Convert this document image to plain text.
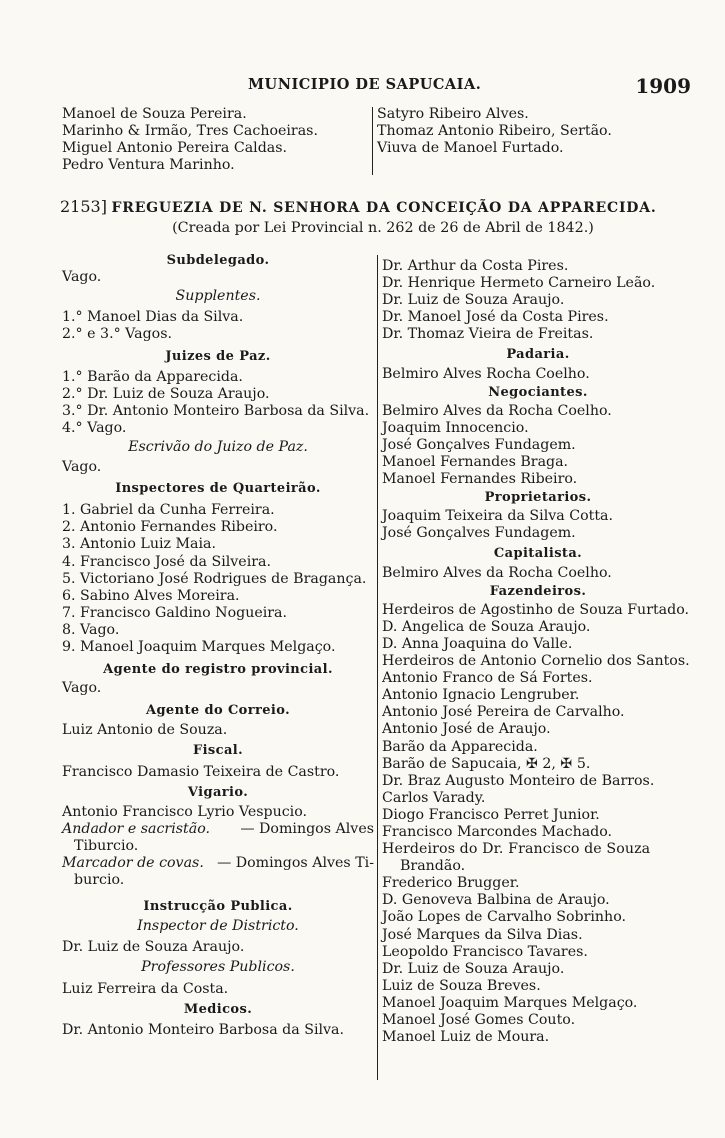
MUNICIPIO DE SAPUCAIA.	1909
Manoel de Souza Pereira.
Marinho & Irmão, Tres Cachoeiras.
Miguel Antonio Pereira Caldas.
Pedro Ventura Marinho.
Satyro Ribeiro Alves.
Thomaz Antonio Ribeiro, Sertão.
Viuva de Manoel Furtado.
2153] FREGUEZIA DE N. SENHORA DA CONCEIÇÃO DA APPARECIDA.
(Creada por Lei Provincial n. 262 de 26 de Abril de 1842.)
Subdelegado.
Vago.
Supplentes.
1.° Manoel Dias da Silva.
2.° e 3.° Vagos.
Juizes de Paz.
1.° Barão da Apparecida.
2.° Dr. Luiz de Souza Araujo.
3.° Dr. Antonio Monteiro Barbosa da Silva.
4.° Vago.
Escrivão do Juizo de Paz.
Vago.
Inspectores de Quarteirão.
1. Gabriel da Cunha Ferreira.
2. Antonio Fernandes Ribeiro.
3. Antonio Luiz Maia.
4. Francisco José da Silveira.
5. Victoriano José Rodrigues de Bragança.
6. Sabino Alves Moreira.
7. Francisco Galdino Nogueira.
8. Vago.
9. Manoel Joaquim Marques Melgaço.
Agente do registro provincial.
Vago.
Agente do Correio.
Luiz Antonio de Souza.
Fiscal.
Francisco Damasio Teixeira de Castro.
Vigario.
Antonio Francisco Lyrio Vespucio.
Andador e sacristão. — Domingos Alves
Tiburcio.
Marcador de covas. — Domingos Alves Ti-
burcio.
Instrucção Publica.
Inspector de Districto.
Dr. Luiz de Souza Araujo.
Professores Publicos.
Luiz Ferreira da Costa.
Medicos.
Dr. Antonio Monteiro Barbosa da Silva.
Dr. Arthur da Costa Pires.
Dr. Henrique Hermeto Carneiro Leão.
Dr. Luiz de Souza Araujo.
Dr. Manoel José da Costa Pires.
Dr. Thomaz Vieira de Freitas.
Padaria.
Belmiro Alves Rocha Coelho.
Negociantes.
Belmiro Alves da Rocha Coelho.
Joaquim Innocencio.
José Gonçalves Fundagem.
Manoel Fernandes Braga.
Manoel Fernandes Ribeiro.
Proprietarios.
Joaquim Teixeira da Silva Cotta.
José Gonçalves Fundagem.
Capitalista.
Belmiro Alves da Rocha Coelho.
Fazendeiros.
Herdeiros de Agostinho de Souza Furtado.
D. Angelica de Souza Araujo.
D. Anna Joaquina do Valle.
Herdeiros de Antonio Cornelio dos Santos.
Antonio Franco de Sá Fortes.
Antonio Ignacio Lengruber.
Antonio José Pereira de Carvalho.
Antonio José de Araujo.
Barão da Apparecida.
Barão de Sapucaia, ✠ 2, ✠ 5.
Dr. Braz Augusto Monteiro de Barros.
Carlos Varady.
Diogo Francisco Perret Junior.
Francisco Marcondes Machado.
Herdeiros do Dr. Francisco de Souza
Brandão.
Frederico Brugger.
D. Genoveva Balbina de Araujo.
João Lopes de Carvalho Sobrinho.
José Marques da Silva Dias.
Leopoldo Francisco Tavares.
Dr. Luiz de Souza Araujo.
Luiz de Souza Breves.
Manoel Joaquim Marques Melgaço.
Manoel José Gomes Couto.
Manoel Luiz de Moura.
